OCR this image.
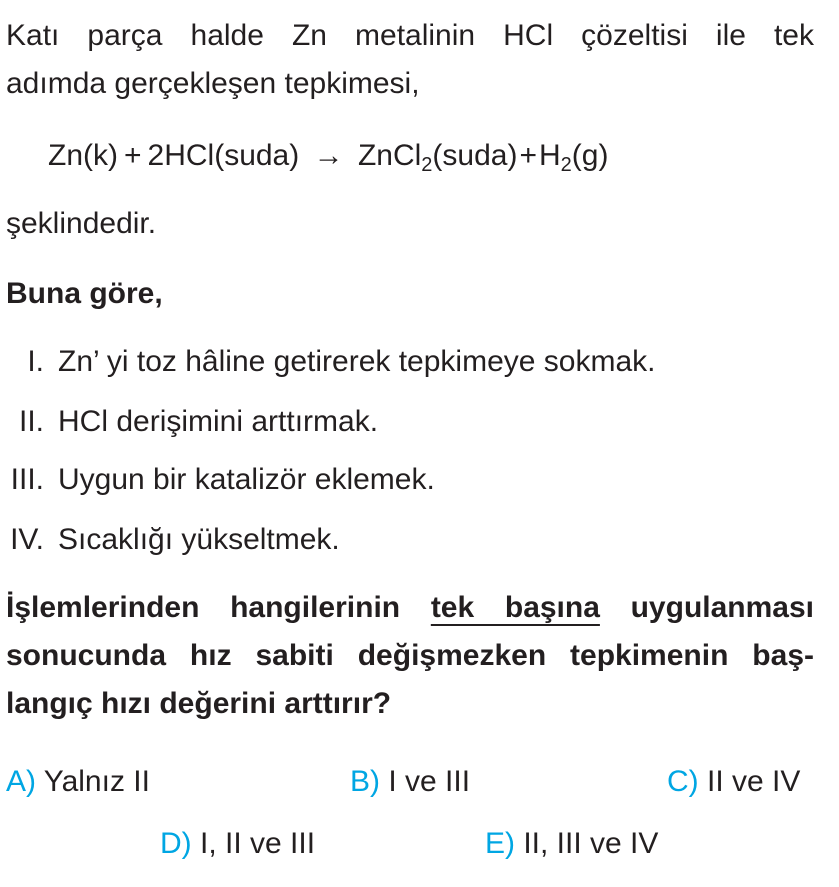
Katı parça halde Zn metalinin HCl çözeltisi ile tek
adımda gerçekleşen tepkimesi,
Zn(k) + 2HCl(suda) → $ZnCl_2(suda)+H_2(g)$
şeklindedir.
Buna göre,
I. Zn’ yi toz hâline getirerek tepkimeye sokmak.
II. HCl derişimini arttırmak.
III. Uygun bir katalizör eklemek.
IV. Sıcaklığı yükseltmek.
İşlemlerinden hangilerinin tek başına uygulanması
sonucunda hız sabiti değişmezken tepkimenin baş-
langıç hızı değerini arttırır?
A) Yalnız II	B) I ve III	C) II ve IV
D) I, II ve III	E) II, III ve IV
